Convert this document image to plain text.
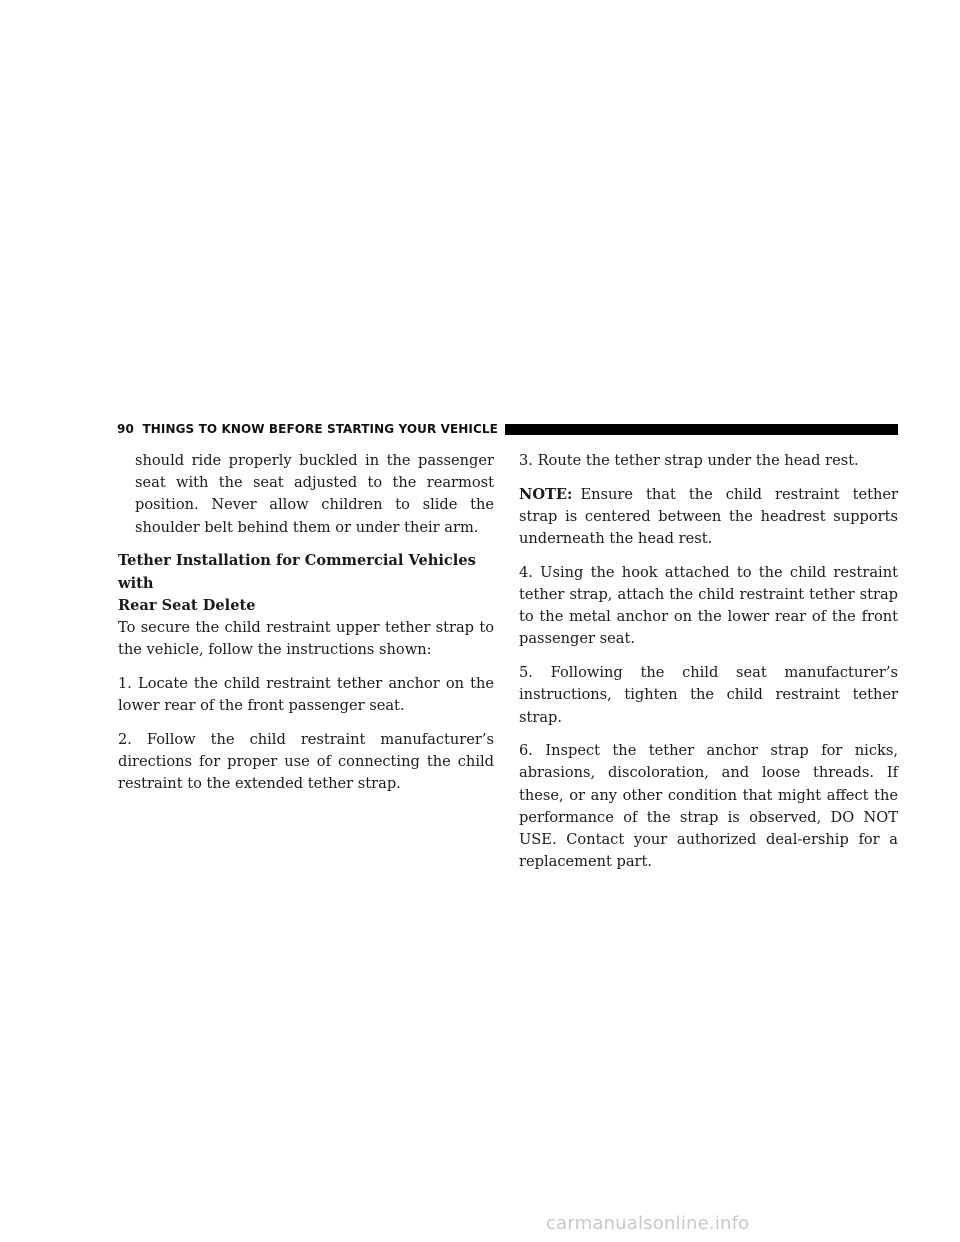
90 THINGS TO KNOW BEFORE STARTING YOUR VEHICLE

should ride properly buckled in the passenger seat with the seat adjusted to the rearmost position. Never allow children to slide the shoulder belt behind them or under their arm.

Tether Installation for Commercial Vehicles with

Rear Seat Delete

To secure the child restraint upper tether strap to the vehicle, follow the instructions shown:

1. Locate the child restraint tether anchor on the lower rear of the front passenger seat.

2. Follow the child restraint manufacturer’s directions for proper use of connecting the child restraint to the extended tether strap.

3. Route the tether strap under the head rest.

NOTE: Ensure that the child restraint tether strap is centered between the headrest supports underneath the head rest.

4. Using the hook attached to the child restraint tether strap, attach the child restraint tether strap to the metal anchor on the lower rear of the front passenger seat.

5. Following the child seat manufacturer’s instructions, tighten the child restraint tether strap.

6. Inspect the tether anchor strap for nicks, abrasions, discoloration, and loose threads. If these, or any other condition that might affect the performance of the strap is observed, DO NOT USE. Contact your authorized deal-ership for a replacement part.

carmanualsonline.info
